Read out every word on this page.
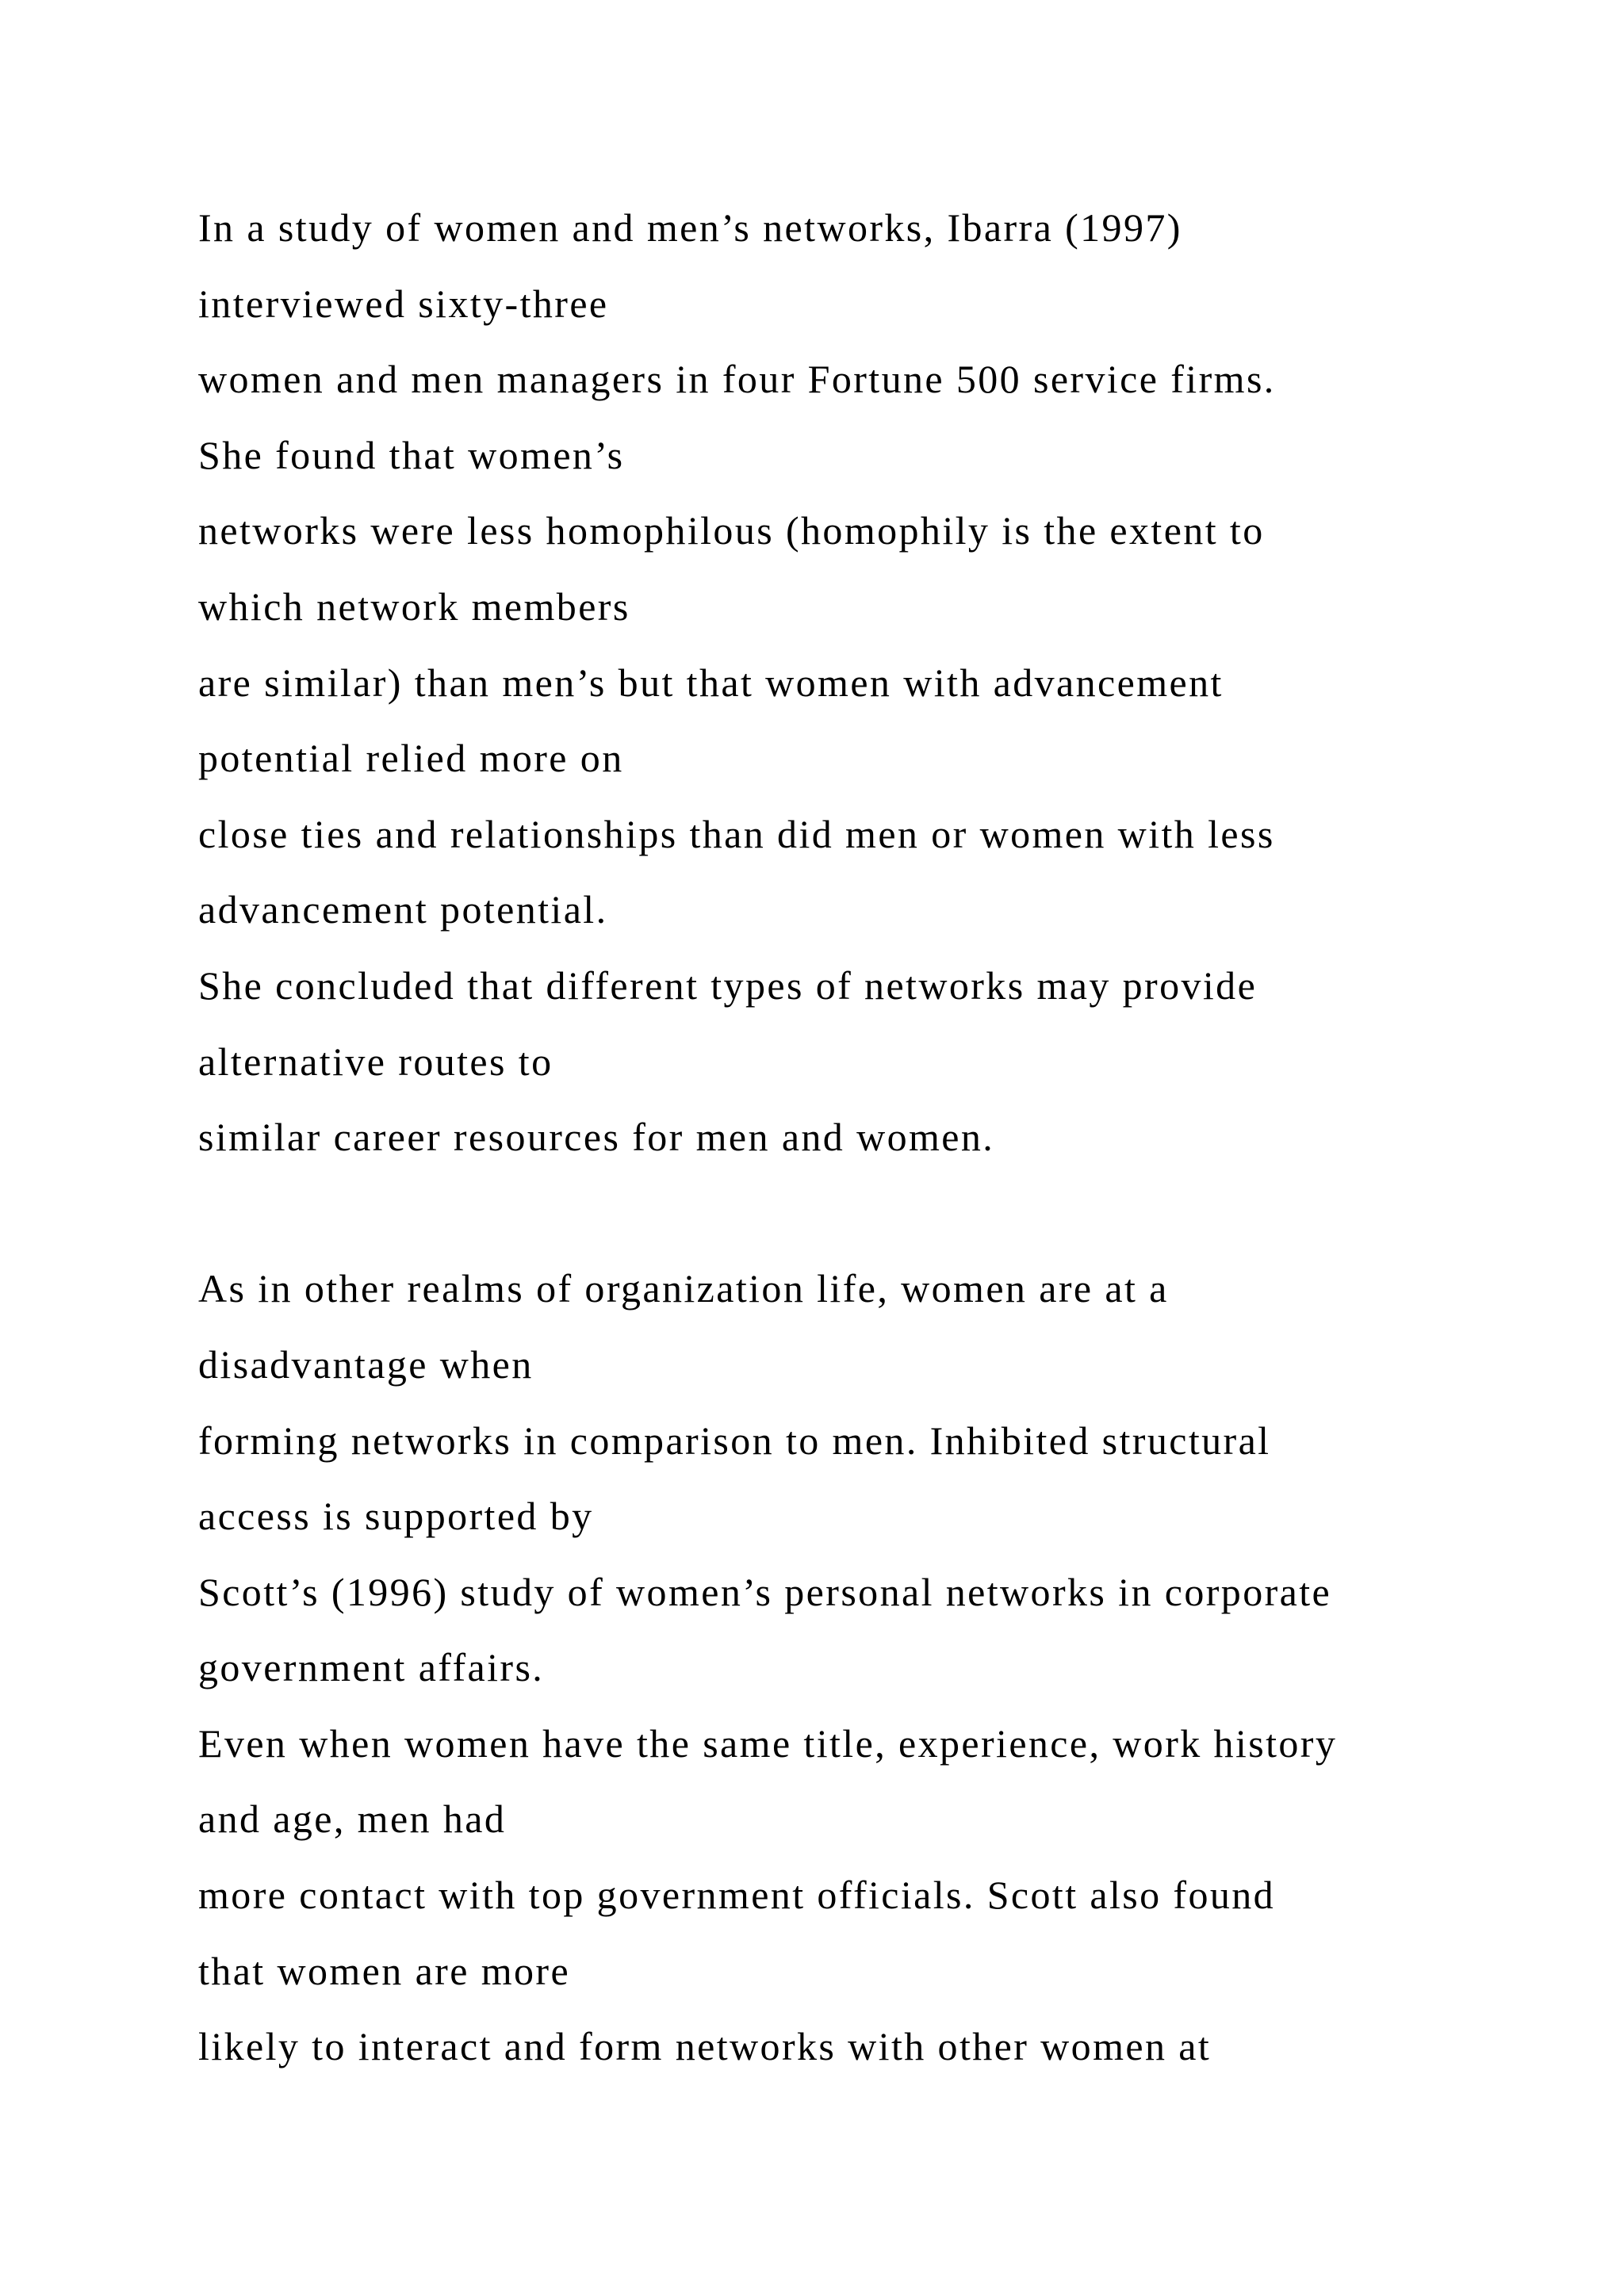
In a study of women and men’s networks, Ibarra (1997)
interviewed sixty-three
women and men managers in four Fortune 500 service firms.
She found that women’s
networks were less homophilous (homophily is the extent to
which network members
are similar) than men’s but that women with advancement
potential relied more on
close ties and relationships than did men or women with less
advancement potential.
She concluded that different types of networks may provide
alternative routes to
similar career resources for men and women.
As in other realms of organization life, women are at a
disadvantage when
forming networks in comparison to men. Inhibited structural
access is supported by
Scott’s (1996) study of women’s personal networks in corporate
government affairs.
Even when women have the same title, experience, work history
and age, men had
more contact with top government officials. Scott also found
that women are more
likely to interact and form networks with other women at
